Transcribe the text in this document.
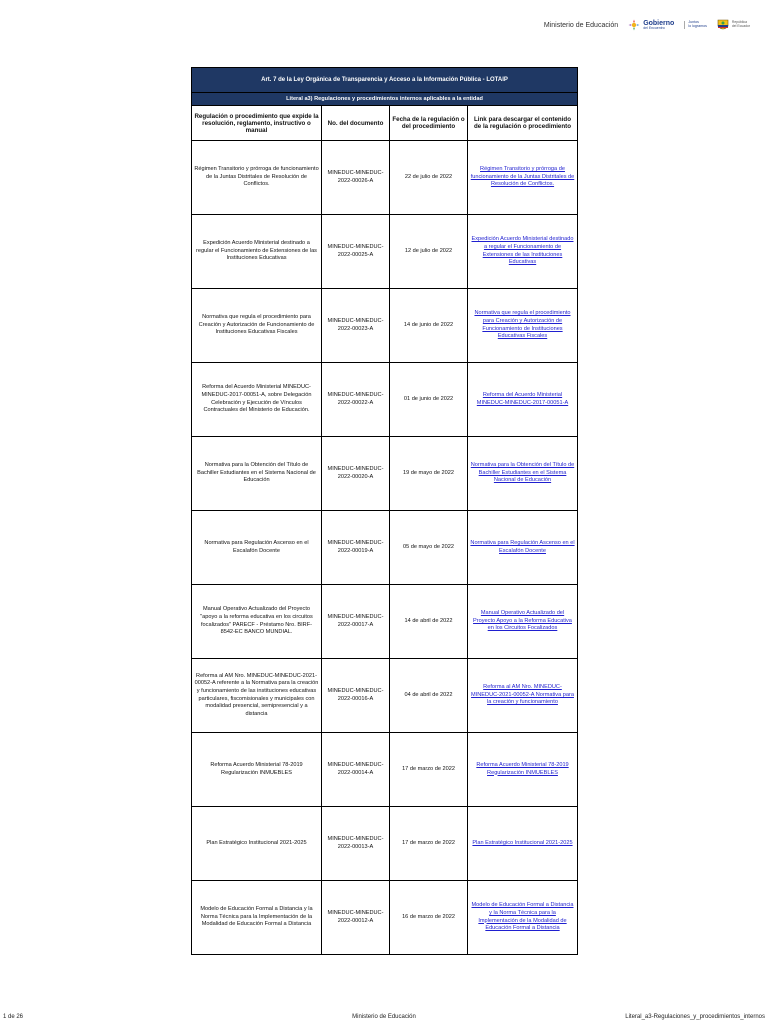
Ministerio de Educación	Gobierno
del Encuentro
Juntos
lo logramos
República
del Ecuador
Art. 7 de la Ley Orgánica de Transparencia y Acceso a la Información Pública - LOTAIP			
Literal a3) Regulaciones y procedimientos internos aplicables a la entidad			
Regulación o procedimiento que expide la resolución, reglamento, instructivo o manual	No. del documento	Fecha de la regulación o del procedimiento	Link para descargar el contenido de la regulación o procedimiento
Régimen Transitorio y prórroga de funcionamiento de la Juntas Distritales de Resolución de Conflictos.	MINEDUC-MINEDUC-2022-00026-A	22 de julio de 2022	Régimen Transitorio y prórroga de funcionamiento de la Juntas Distritales de Resolución de Conflictos.
Expedición Acuerdo Ministerial destinado a regular el Funcionamiento de Extensiones de las Instituciones Educativas	MINEDUC-MINEDUC-2022-00025-A	12 de julio de 2022	Expedición Acuerdo Ministerial destinado a regular el Funcionamiento de Extensiones de las Instituciones Educativas
Normativa que regula el procedimiento para Creación y Autorización de Funcionamiento de Instituciones Educativas Fiscales	MINEDUC-MINEDUC-2022-00023-A	14 de junio de 2022	Normativa que regula el procedimiento para Creación y Autorización de Funcionamiento de Instituciones Educativas Fiscales
Reforma del Acuerdo Ministerial MINEDUC-MINEDUC-2017-00051-A, sobre Delegación Celebración y Ejecución de Vínculos Contractuales del Ministerio de Educación.	MINEDUC-MINEDUC-2022-00022-A	01 de junio de 2022	Reforma del Acuerdo Ministerial MINEDUC-MINEDUC-2017-00051-A
Normativa para la Obtención del Título de Bachiller Estudiantes en el Sistema Nacional de Educación	MINEDUC-MINEDUC-2022-00020-A	19 de mayo de 2022	Normativa para la Obtención del Título de Bachiller Estudiantes en el Sistema Nacional de Educación
Normativa para Regulación Ascenso en el Escalafón Docente	MINEDUC-MINEDUC-2022-00019-A	05 de mayo de 2022	Normativa para Regulación Ascenso en el Escalafón Docente
Manual Operativo Actualizado del Proyecto "apoyo a la reforma educativa en los circuitos focalizados" PARECF - Préstamo Nro. BIRF-8542-EC BANCO MUNDIAL.	MINEDUC-MINEDUC-2022-00017-A	14 de abril de 2022	Manual Operativo Actualizado del Proyecto Apoyo a la Reforma Educativa en los Circuitos Focalizados
Reforma al AM Nro. MINEDUC-MINEDUC-2021-00052-A referente a la Normativa para la creación y funcionamiento de las instituciones educativas particulares, fiscomisionales y municipales con modalidad presencial, semipresencial y a distancia	MINEDUC-MINEDUC-2022-00016-A	04 de abril de 2022	Reforma al AM Nro. MINEDUC-MINEDUC-2021-00052-A Normativa para la creación y funcionamiento
Reforma Acuerdo Ministerial 78-2019 Regularización INMUEBLES	MINEDUC-MINEDUC-2022-00014-A	17 de marzo de 2022	Reforma Acuerdo Ministerial 78-2019 Regularización INMUEBLES
Plan Estratégico Institucional 2021-2025	MINEDUC-MINEDUC-2022-00013-A	17 de marzo de 2022	Plan Estratégico Institucional 2021-2025
Modelo de Educación Formal a Distancia y la Norma Técnica para la Implementación de la Modalidad de Educación Formal a Distancia	MINEDUC-MINEDUC-2022-00012-A	16 de marzo de 2022	Modelo de Educación Formal a Distancia y la Norma Técnica para la Implementación de la Modalidad de Educación Formal a Distancia
1 de 26	Ministerio de Educación	Literal_a3-Regulaciones_y_procedimientos_internos
